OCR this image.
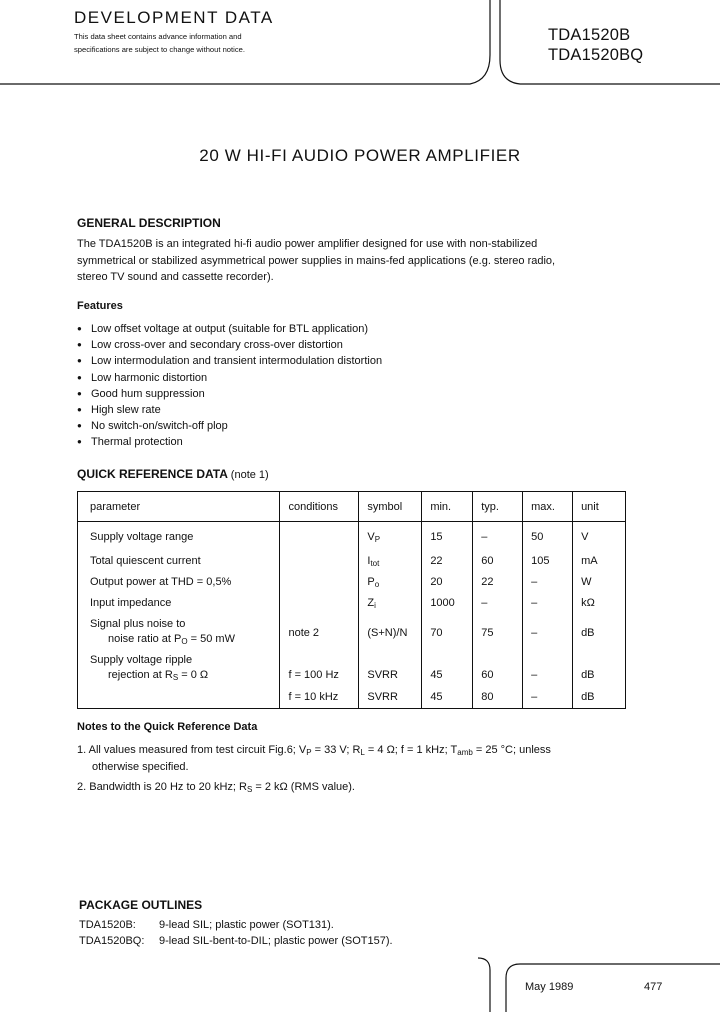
DEVELOPMENT DATA
This data sheet contains advance information and
specifications are subject to change without notice.
TDA1520B
TDA1520BQ
20 W HI-FI AUDIO POWER AMPLIFIER
GENERAL DESCRIPTION
The TDA1520B is an integrated hi-fi audio power amplifier designed for use with non-stabilized
symmetrical or stabilized asymmetrical power supplies in mains-fed applications (e.g. stereo radio,
stereo TV sound and cassette recorder).
Features
● Low offset voltage at output (suitable for BTL application)
● Low cross-over and secondary cross-over distortion
● Low intermodulation and transient intermodulation distortion
● Low harmonic distortion
● Good hum suppression
● High slew rate
● No switch-on/switch-off plop
● Thermal protection
QUICK REFERENCE DATA (note 1)
parameter	conditions	symbol	min.	typ.	max.	unit
Supply voltage range		$V_P$	15	–	50	V
Total quiescent current		$I_{tot}$	22	60	105	mA
Output power at THD = 0,5%		$P_o$	20	22	–	W
Input impedance		$Z_i$	1000	–	–	kΩ

Signal plus noise to
noise ratio at $P_O = 50$ mW	note 2	(S+N)/N	70	75	–	dB

Supply voltage ripple
rejection at $R_S = 0$ Ω	f = 100 Hz	SVRR	45	60	–	dB
	f = 10 kHz	SVRR	45	80	–	dB
Notes to the Quick Reference Data
1. All values measured from test circuit Fig.6; $V_P = 33$ V; $R_L = 4$ Ω; f = 1 kHz; $T_{amb} = 25$ °C; unless
otherwise specified.
2. Bandwidth is 20 Hz to 20 kHz; $R_S = 2$ kΩ (RMS value).
PACKAGE OUTLINES
TDA1520B: 9-lead SIL; plastic power (SOT131).
TDA1520BQ: 9-lead SIL-bent-to-DIL; plastic power (SOT157).
May 1989	477
